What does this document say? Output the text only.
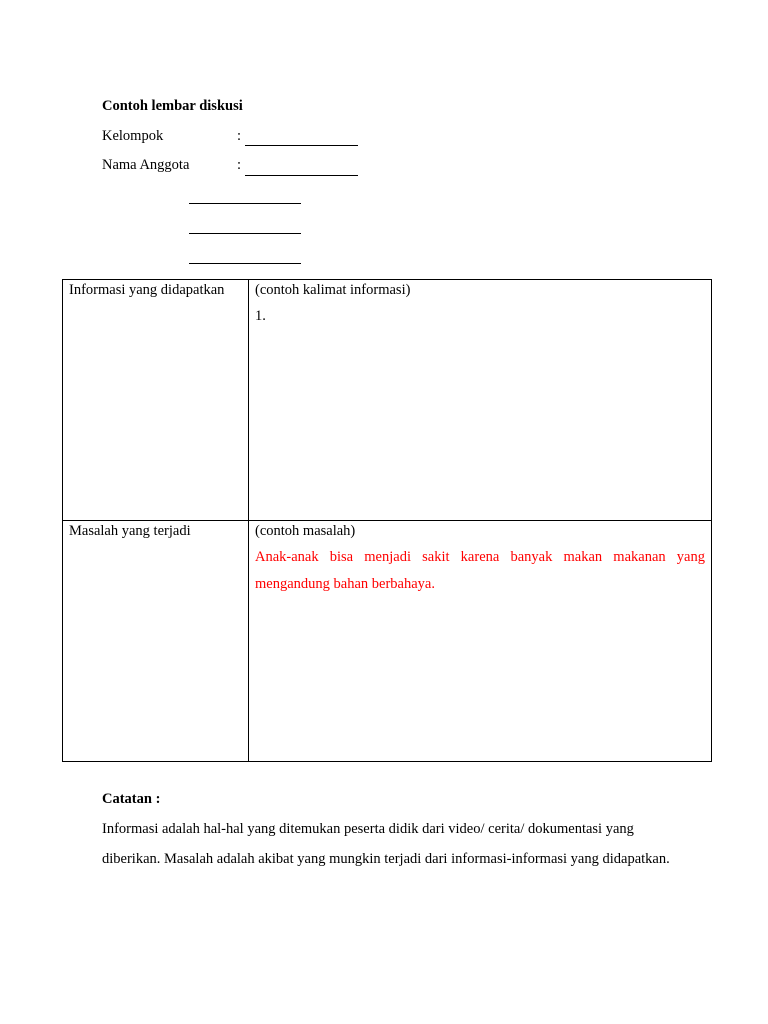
Contoh lembar diskusi
Kelompok	:
Nama Anggota	:
Informasi yang didapatkan	(contoh kalimat informasi)
1.

Masalah yang terjadi	(contoh masalah)
Anak-anak bisa menjadi sakit karena banyak makan makanan yang mengandung bahan berbahaya.
Catatan :
Informasi adalah hal-hal yang ditemukan peserta didik dari video/ cerita/ dokumentasi yang diberikan. Masalah adalah akibat yang mungkin terjadi dari informasi-informasi yang didapatkan.
